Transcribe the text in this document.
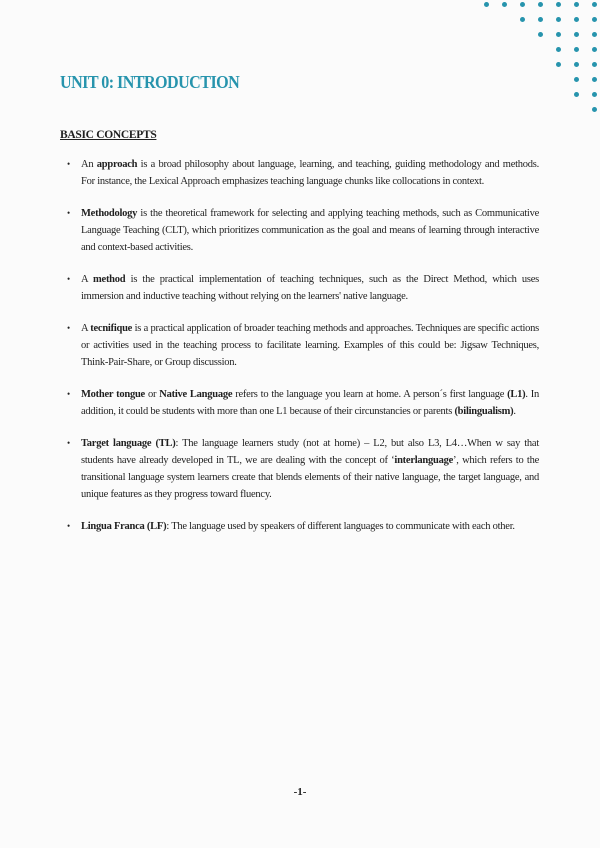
UNIT 0: INTRODUCTION
BASIC CONCEPTS
• An approach is a broad philosophy about language, learning, and teaching, guiding methodology and methods. For instance, the Lexical Approach emphasizes teaching language chunks like collocations in context.
• Methodology is the theoretical framework for selecting and applying teaching methods, such as Communicative Language Teaching (CLT), which prioritizes communication as the goal and means of learning through interactive and context-based activities.
• A method is the practical implementation of teaching techniques, such as the Direct Method, which uses immersion and inductive teaching without relying on the learners' native language.
• A tecnifique is a practical application of broader teaching methods and approaches. Techniques are specific actions or activities used in the teaching process to facilitate learning. Examples of this could be: Jigsaw Techniques, Think-Pair-Share, or Group discussion.
• Mother tongue or Native Language refers to the language you learn at home. A person´s first language (L1). In addition, it could be students with more than one L1 because of their circunstancies or parents (bilingualism).
• Target language (TL): The language learners study (not at home) – L2, but also L3, L4…When w say that students have already developed in TL, we are dealing with the concept of ‘interlanguage’, which refers to the transitional language system learners create that blends elements of their native language, the target language, and unique features as they progress toward fluency.
• Lingua Franca (LF): The language used by speakers of different languages to communicate with each other.
-1-
